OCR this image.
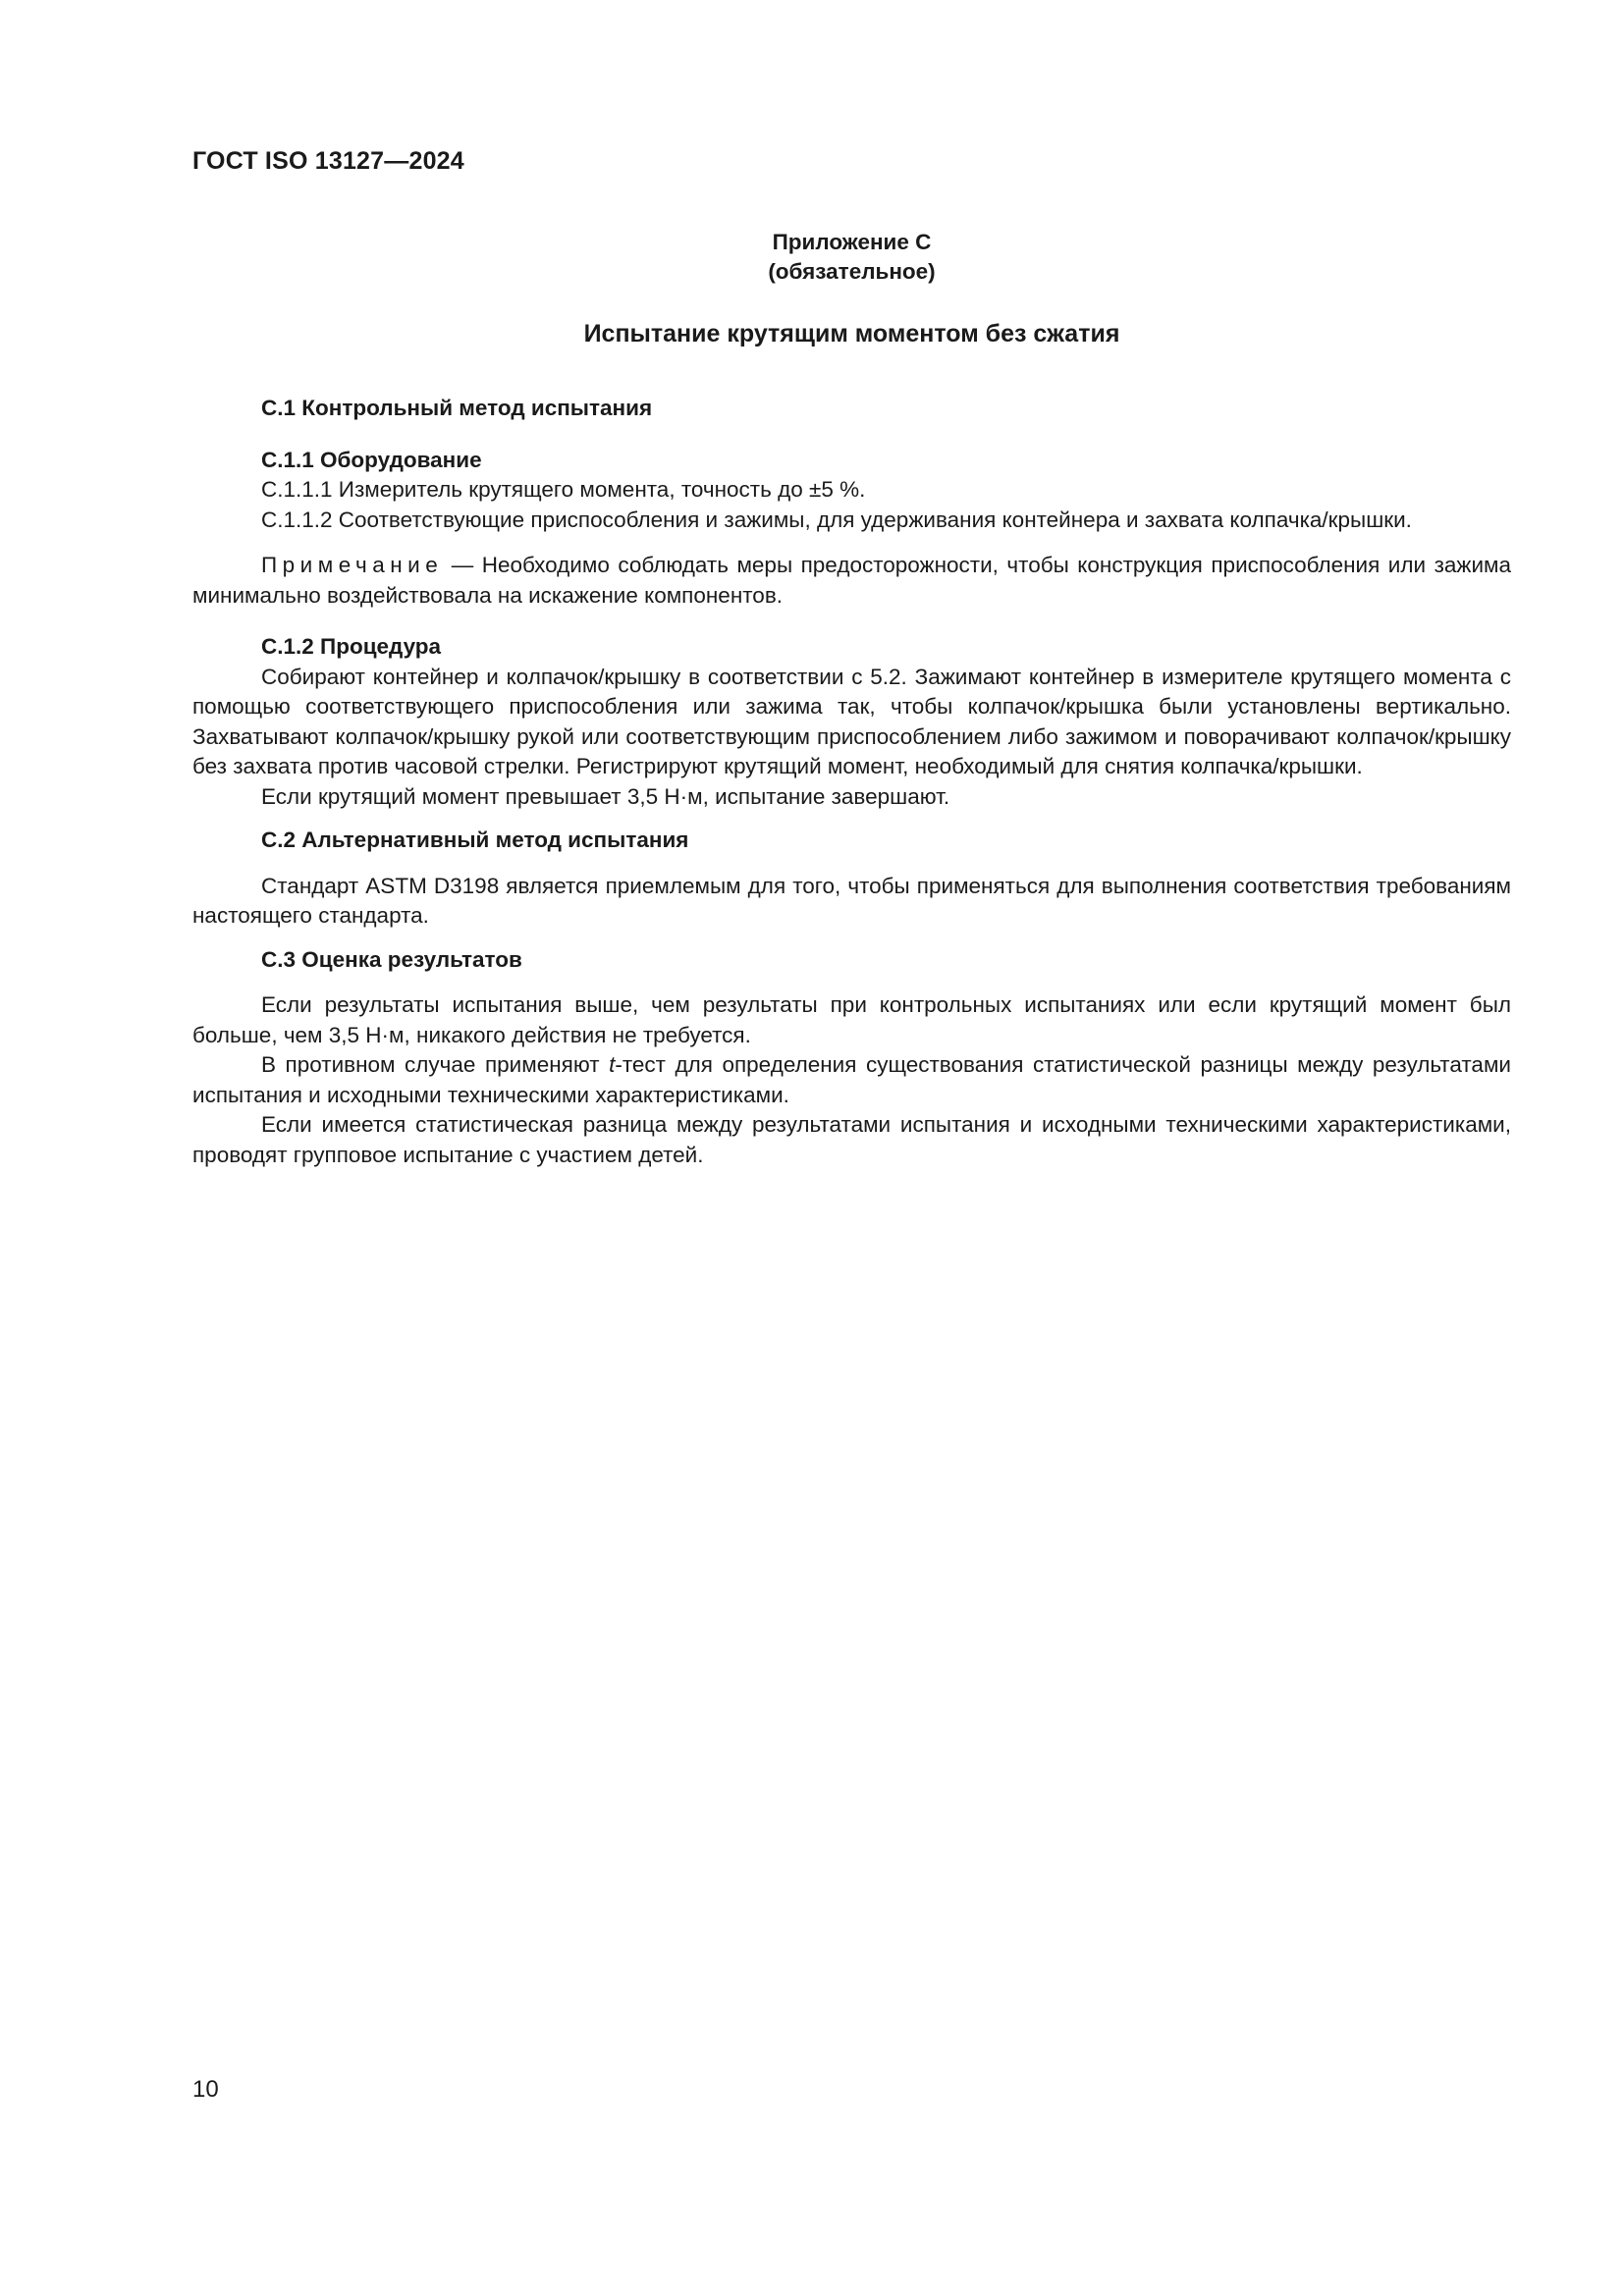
ГОСТ ISO 13127—2024
Приложение С
(обязательное)
Испытание крутящим моментом без сжатия

С.1 Контрольный метод испытания

С.1.1 Оборудование

С.1.1.1 Измеритель крутящего момента, точность до ±5 %.

С.1.1.2 Соответствующие приспособления и зажимы, для удерживания контейнера и захвата колпачка/крышки.

Примечание — Необходимо соблюдать меры предосторожности, чтобы конструкция приспособления или зажима минимально воздействовала на искажение компонентов.

С.1.2 Процедура

Собирают контейнер и колпачок/крышку в соответствии с 5.2. Зажимают контейнер в измерителе крутящего момента с помощью соответствующего приспособления или зажима так, чтобы колпачок/крышка были установлены вертикально. Захватывают колпачок/крышку рукой или соответствующим приспособлением либо зажимом и поворачивают колпачок/крышку без захвата против часовой стрелки. Регистрируют крутящий момент, необходимый для снятия колпачка/крышки.

Если крутящий момент превышает 3,5 Н·м, испытание завершают.

С.2 Альтернативный метод испытания

Стандарт ASTM D3198 является приемлемым для того, чтобы применяться для выполнения соответствия требованиям настоящего стандарта.

С.3 Оценка результатов

Если результаты испытания выше, чем результаты при контрольных испытаниях или если крутящий момент был больше, чем 3,5 Н·м, никакого действия не требуется.

В противном случае применяют t-тест для определения существования статистической разницы между результатами испытания и исходными техническими характеристиками.

Если имеется статистическая разница между результатами испытания и исходными техническими характеристиками, проводят групповое испытание с участием детей.

10
